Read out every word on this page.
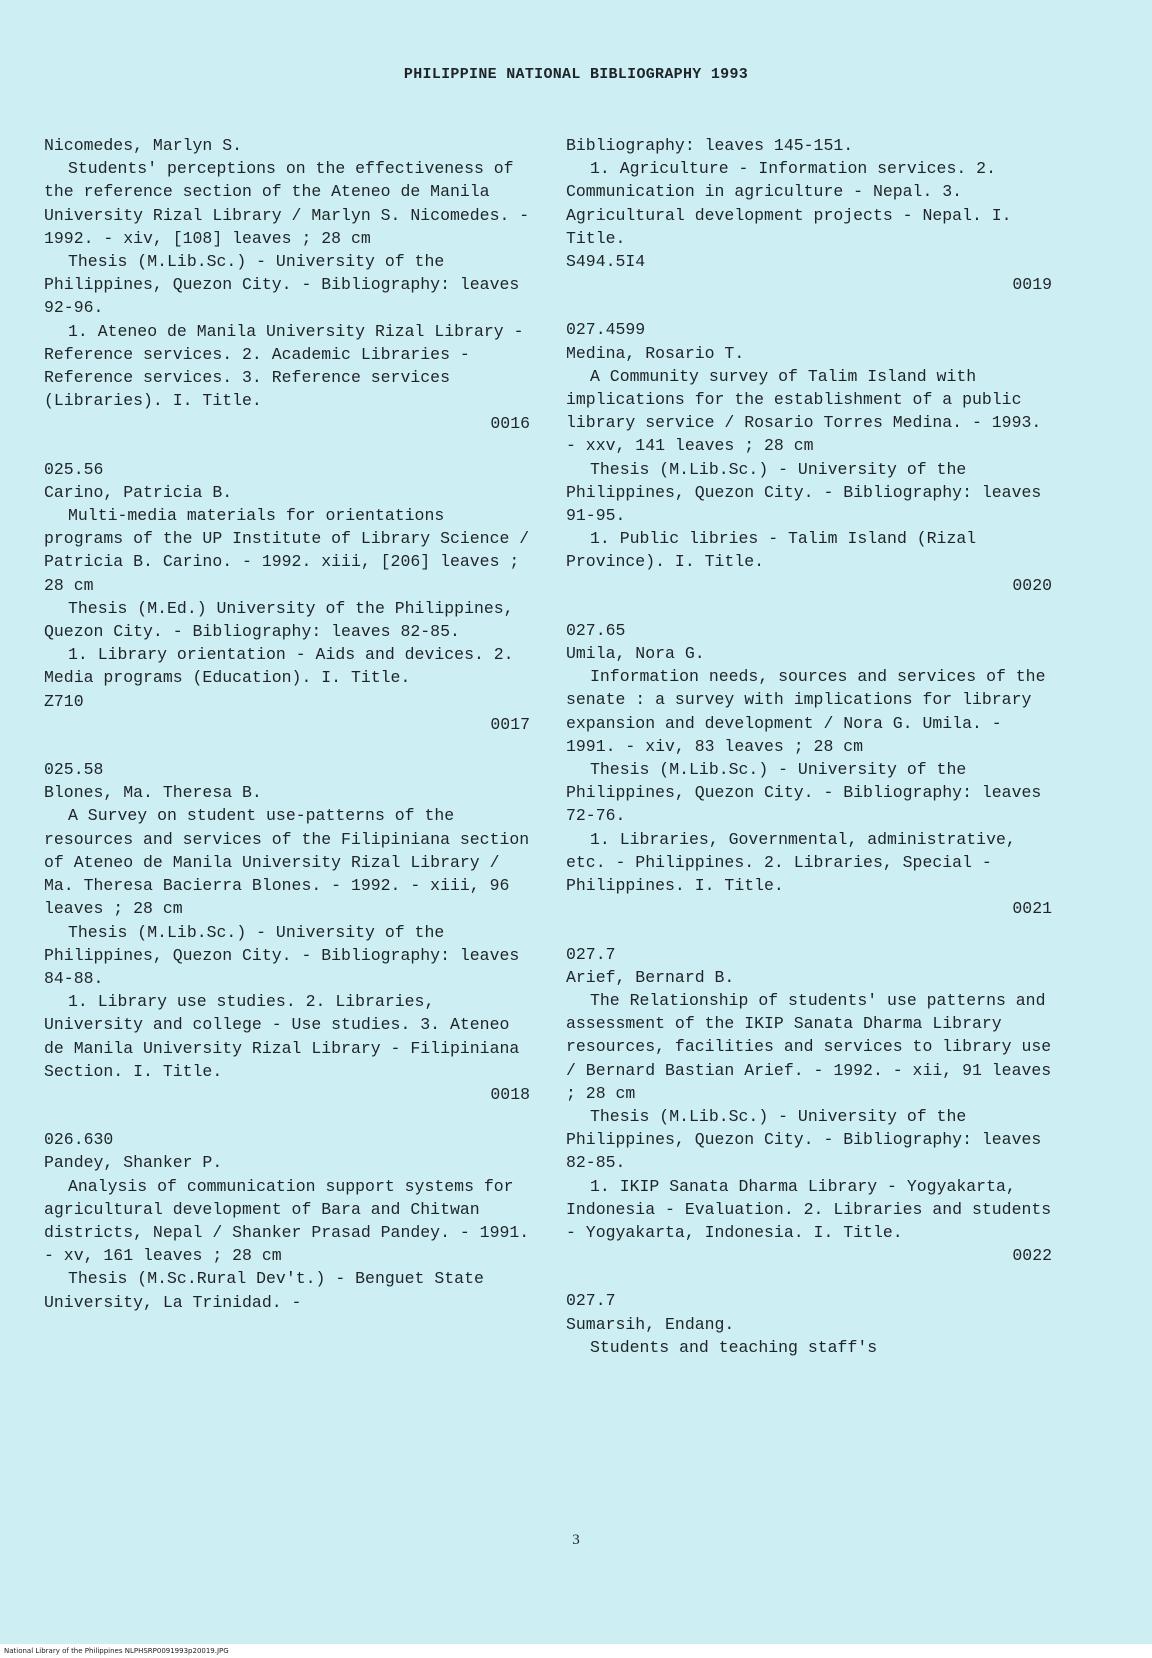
PHILIPPINE NATIONAL BIBLIOGRAPHY 1993

Nicomedes, Marlyn S.

Students' perceptions on the effectiveness of the reference section of the Ateneo de Manila University Rizal Library / Marlyn S. Nicomedes. - 1992. - xiv, [108] leaves ; 28 cm

Thesis (M.Lib.Sc.) - University of the Philippines, Quezon City. - Bibliography: leaves 92-96.

1. Ateneo de Manila University Rizal Library - Reference services. 2. Academic Libraries - Reference services. 3. Reference services (Libraries). I. Title.

0016

025.56

Carino, Patricia B.

Multi-media materials for orientations programs of the UP Institute of Library Science / Patricia B. Carino. - 1992. xiii, [206] leaves ; 28 cm

Thesis (M.Ed.) University of the Philippines, Quezon City. - Bibliography: leaves 82-85.

1. Library orientation - Aids and devices. 2. Media programs (Education). I. Title.

Z710

0017

025.58

Blones, Ma. Theresa B.

A Survey on student use-patterns of the resources and services of the Filipiniana section of Ateneo de Manila University Rizal Library / Ma. Theresa Bacierra Blones. - 1992. - xiii, 96 leaves ; 28 cm

Thesis (M.Lib.Sc.) - University of the Philippines, Quezon City. - Bibliography: leaves 84-88.

1. Library use studies. 2. Libraries, University and college - Use studies. 3. Ateneo de Manila University Rizal Library - Filipiniana Section. I. Title.

0018

026.630

Pandey, Shanker P.

Analysis of communication support systems for agricultural development of Bara and Chitwan districts, Nepal / Shanker Prasad Pandey. - 1991. - xv, 161 leaves ; 28 cm

Thesis (M.Sc.Rural Dev't.) - Benguet State University, La Trinidad. -

Bibliography: leaves 145-151.

1. Agriculture - Information services. 2. Communication in agriculture - Nepal. 3. Agricultural development projects - Nepal. I. Title.

S494.5I4

0019

027.4599

Medina, Rosario T.

A Community survey of Talim Island with implications for the establishment of a public library service / Rosario Torres Medina. - 1993. - xxv, 141 leaves ; 28 cm

Thesis (M.Lib.Sc.) - University of the Philippines, Quezon City. - Bibliography: leaves 91-95.

1. Public libries - Talim Island (Rizal Province). I. Title.

0020

027.65

Umila, Nora G.

Information needs, sources and services of the senate : a survey with implications for library expansion and development / Nora G. Umila. - 1991. - xiv, 83 leaves ; 28 cm

Thesis (M.Lib.Sc.) - University of the Philippines, Quezon City. - Bibliography: leaves 72-76.

1. Libraries, Governmental, administrative, etc. - Philippines. 2. Libraries, Special - Philippines. I. Title.

0021

027.7

Arief, Bernard B.

The Relationship of students' use patterns and assessment of the IKIP Sanata Dharma Library resources, facilities and services to library use / Bernard Bastian Arief. - 1992. - xii, 91 leaves ; 28 cm

Thesis (M.Lib.Sc.) - University of the Philippines, Quezon City. - Bibliography: leaves 82-85.

1. IKIP Sanata Dharma Library - Yogyakarta, Indonesia - Evaluation. 2. Libraries and students - Yogyakarta, Indonesia. I. Title.

0022

027.7

Sumarsih, Endang.

Students and teaching staff's

3
National Library of the Philippines NLPHSRP0091993p20019.JPG
